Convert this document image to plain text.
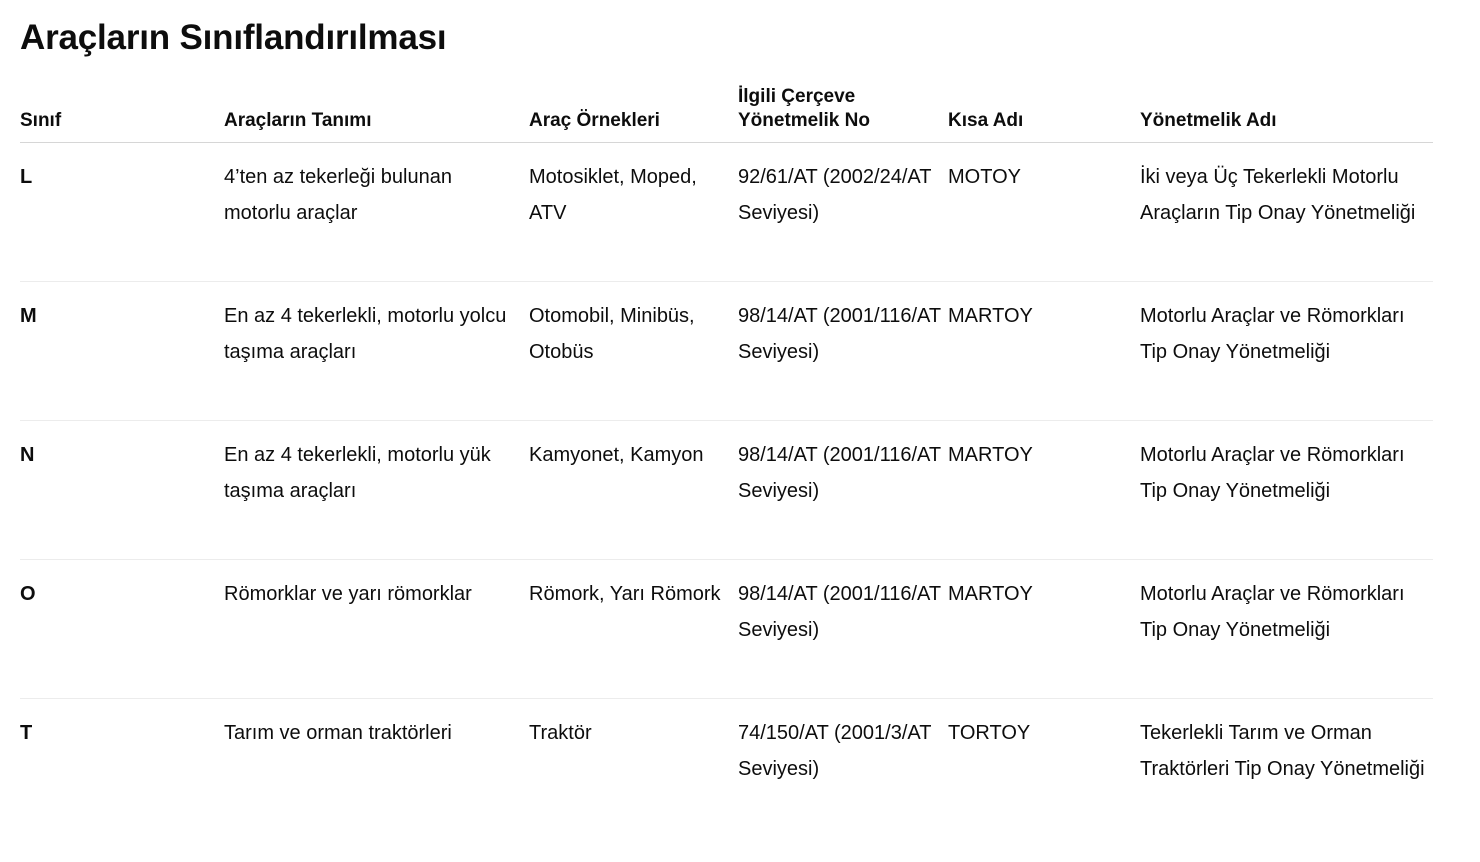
Araçların Sınıflandırılması
Sınıf	Araçların Tanımı	Araç Örnekleri	İlgili Çerçeve Yönetmelik No	Kısa Adı	Yönetmelik Adı
L	4’ten az tekerleği bulunan motorlu araçlar	Motosiklet, Moped, ATV	92/61/AT (2002/24/AT Seviyesi)	MOTOY	İki veya Üç Tekerlekli Motorlu Araçların Tip Onay Yönetmeliği
M	En az 4 tekerlekli, motorlu yolcu taşıma araçları	Otomobil, Minibüs, Otobüs	98/14/AT (2001/116/AT Seviyesi)	MARTOY	Motorlu Araçlar ve Römorkları Tip Onay Yönetmeliği
N	En az 4 tekerlekli, motorlu yük taşıma araçları	Kamyonet, Kamyon	98/14/AT (2001/116/AT Seviyesi)	MARTOY	Motorlu Araçlar ve Römorkları Tip Onay Yönetmeliği
O	Römorklar ve yarı römorklar	Römork, Yarı Römork	98/14/AT (2001/116/AT Seviyesi)	MARTOY	Motorlu Araçlar ve Römorkları Tip Onay Yönetmeliği
T	Tarım ve orman traktörleri	Traktör	74/150/AT (2001/3/AT Seviyesi)	TORTOY	Tekerlekli Tarım ve Orman Traktörleri Tip Onay Yönetmeliği
